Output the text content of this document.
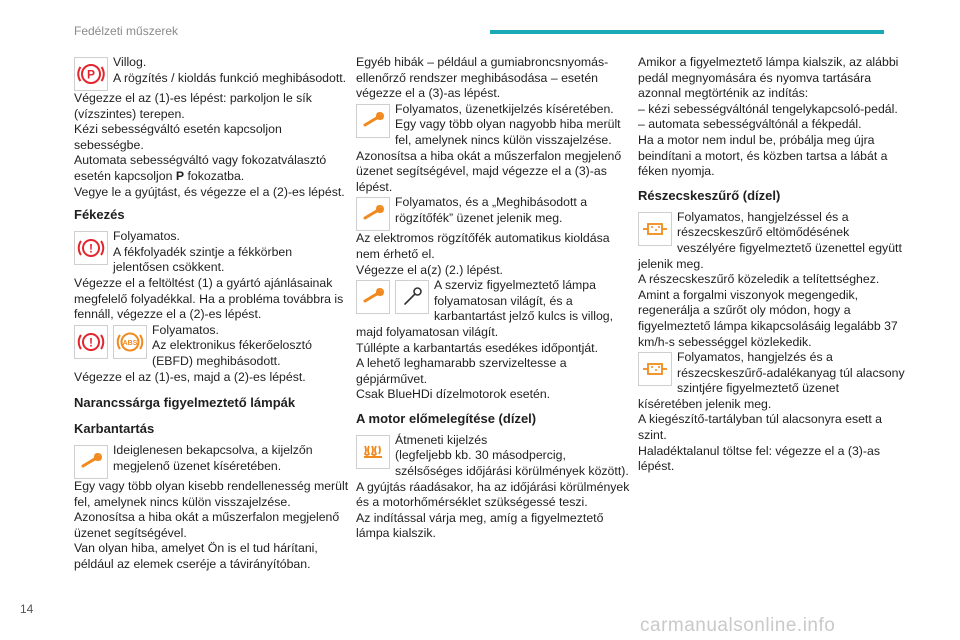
Fedélzeti műszerek
P

Villog.

A rögzítés / kioldás funkció meghibásodott.

Végezze el az (1)-es lépést: parkoljon le sík (vízszintes) terepen.

Kézi sebességváltó esetén kapcsoljon sebességbe.

Automata sebességváltó vagy fokozatválasztó esetén kapcsoljon P fokozatba.

Vegye le a gyújtást, és végezze el a (2)-es lépést.

Fékezés
!

Folyamatos.

A fékfolyadék szintje a fékkörben jelentősen csökkent.

Végezze el a feltöltést (1) a gyártó ajánlásainak megfelelő folyadékkal. Ha a probléma továbbra is fennáll, végezze el a (2)-es lépést.

!	ABS

Folyamatos.

Az elektronikus fékerőelosztó (EBFD) meghibásodott.

Végezze el az (1)-es, majd a (2)-es lépést.

Narancssárga figyelmeztető lámpák
Karbantartás

Ideiglenesen bekapcsolva, a kijelzőn megjelenő üzenet kíséretében.

Egy vagy több olyan kisebb rendellenesség merült fel, amelynek nincs külön visszajelzése.

Azonosítsa a hiba okát a műszerfalon megjelenő üzenet segítségével.

Van olyan hiba, amelyet Ön is el tud hárítani, például az elemek cseréje a távirányítóban.

Egyéb hibák – például a gumiabroncsnyomás-ellenőrző rendszer meghibásodása – esetén végezze el a (3)-as lépést.

Folyamatos, üzenetkijelzés kíséretében.

Egy vagy több olyan nagyobb hiba merült fel, amelynek nincs külön visszajelzése.

Azonosítsa a hiba okát a műszerfalon megjelenő üzenet segítségével, majd végezze el a (3)-as lépést.

Folyamatos, és a „Meghibásodott a rögzítőfék” üzenet jelenik meg.

Az elektromos rögzítőfék automatikus kioldása nem érhető el.

Végezze el a(z) (2.) lépést.

A szerviz figyelmeztető lámpa folyamatosan világít, és a karbantartást jelző kulcs is villog, majd folyamatosan világít.

Túllépte a karbantartás esedékes időpontját.

A lehető leghamarabb szervizeltesse a gépjárművet.

Csak BlueHDi dízelmotorok esetén.

A motor előmelegítése (dízel)

Átmeneti kijelzés

(legfeljebb kb. 30 másodpercig, szélsőséges időjárási körülmények között).

A gyújtás ráadásakor, ha az időjárási körülmények és a motorhőmérséklet szükségessé teszi.

Az indítással várja meg, amíg a figyelmeztető lámpa kialszik.

Amikor a figyelmeztető lámpa kialszik, az alábbi pedál megnyomására és nyomva tartására azonnal megtörténik az indítás:

– kézi sebességváltónál tengelykapcsoló-pedál.

– automata sebességváltónál a fékpedál.

Ha a motor nem indul be, próbálja meg újra beindítani a motort, és közben tartsa a lábát a féken nyomja.

Részecskeszűrő (dízel)

Folyamatos, hangjelzéssel és a részecskeszűrő eltömődésének veszélyére figyelmeztető üzenettel együtt jelenik meg.

A részecskeszűrő közeledik a telítettséghez.

Amint a forgalmi viszonyok megengedik, regenerálja a szűrőt oly módon, hogy a figyelmeztető lámpa kikapcsolásáig legalább 37 km/h-s sebességgel közlekedik.

Folyamatos, hangjelzés és a részecskeszűrő-adalékanyag túl alacsony szintjére figyelmeztető üzenet kíséretében jelenik meg.

A kiegészítő-tartályban túl alacsonyra esett a szint.

Haladéktalanul töltse fel: végezze el a (3)-as lépést.

14
carmanualsonline.info
